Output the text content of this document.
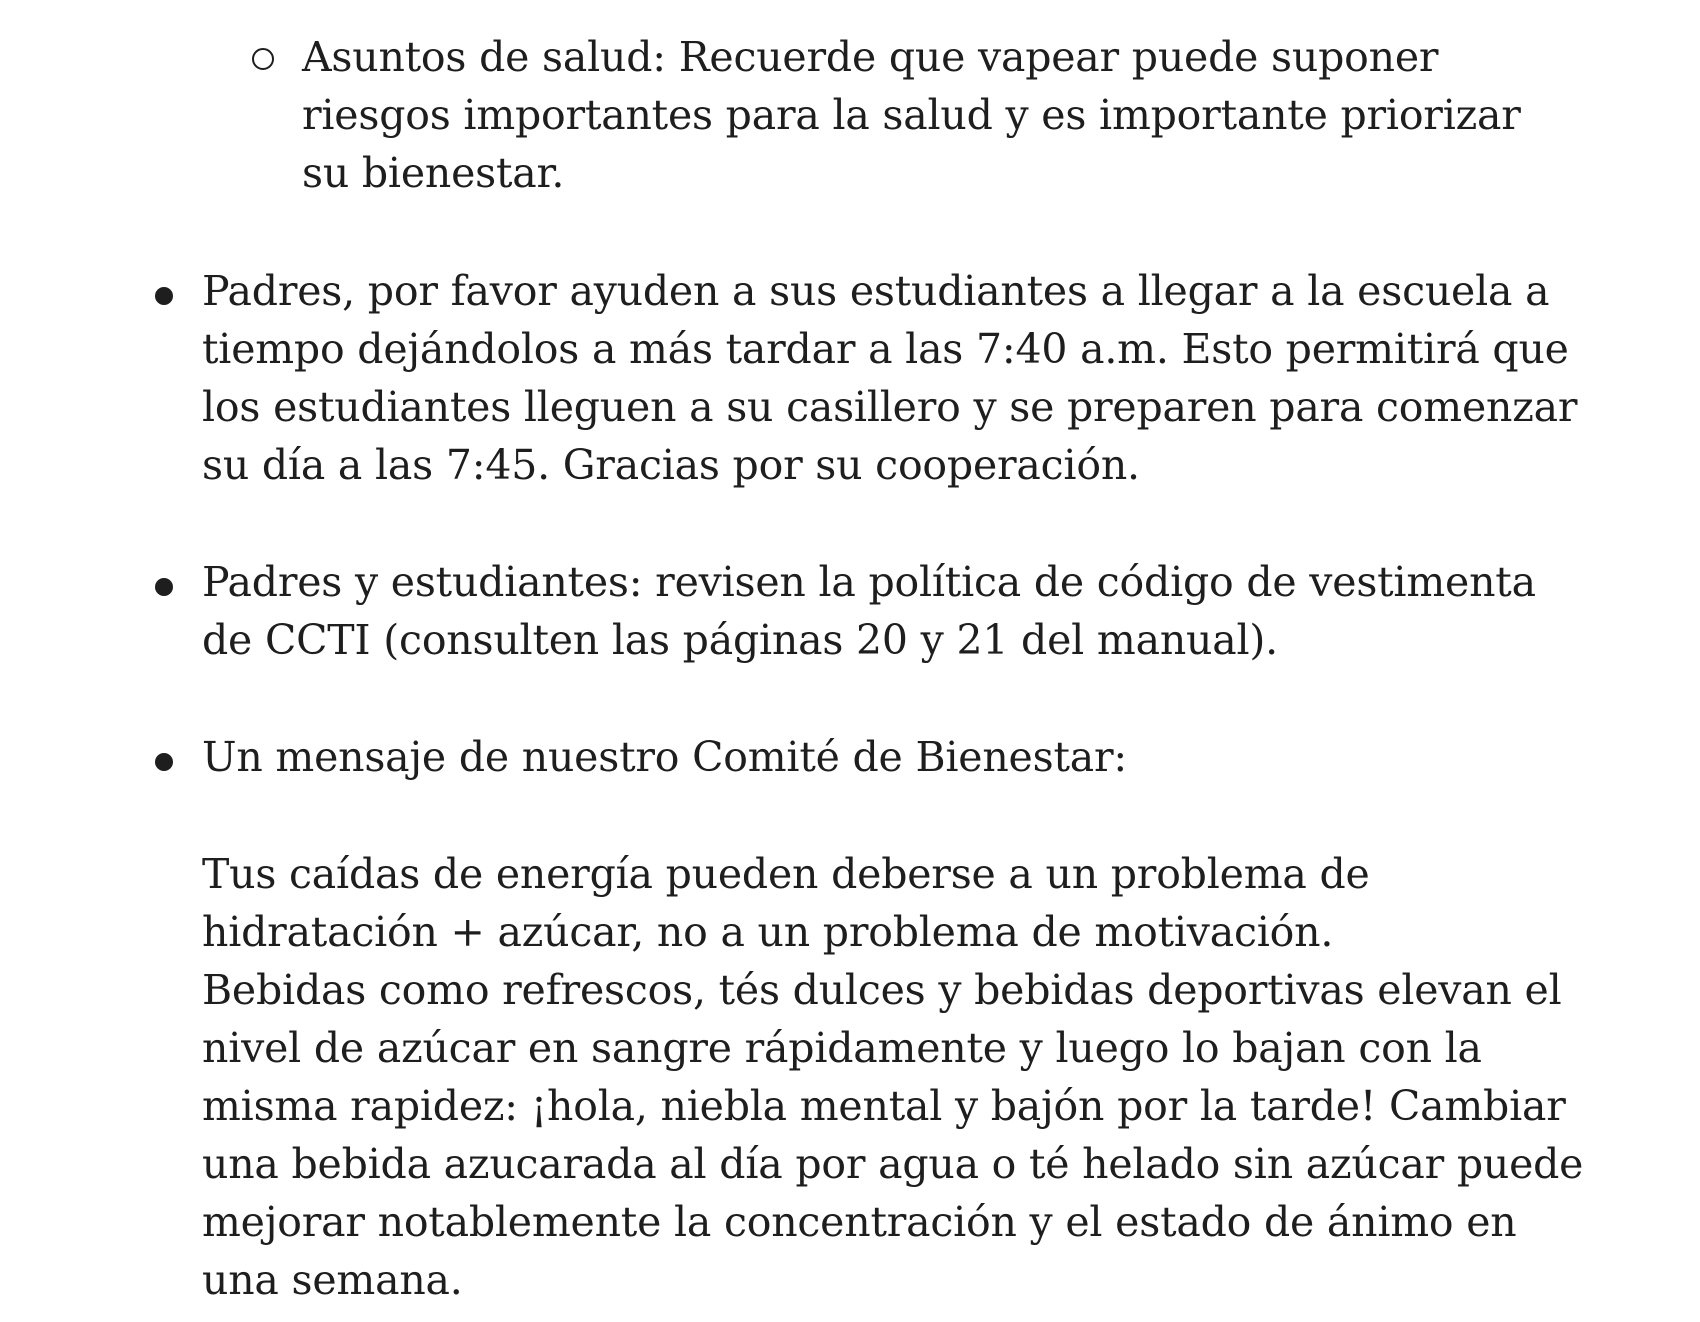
Asuntos de salud: Recuerde que vapear puede suponer
riesgos importantes para la salud y es importante priorizar
su bienestar.
Padres, por favor ayuden a sus estudiantes a llegar a la escuela a
tiempo dejándolos a más tardar a las 7:40 a.m. Esto permitirá que
los estudiantes lleguen a su casillero y se preparen para comenzar
su día a las 7:45. Gracias por su cooperación.
Padres y estudiantes: revisen la política de código de vestimenta
de CCTI (consulten las páginas 20 y 21 del manual).
Un mensaje de nuestro Comité de Bienestar:
Tus caídas de energía pueden deberse a un problema de
hidratación + azúcar, no a un problema de motivación.
Bebidas como refrescos, tés dulces y bebidas deportivas elevan el
nivel de azúcar en sangre rápidamente y luego lo bajan con la
misma rapidez: ¡hola, niebla mental y bajón por la tarde! Cambiar
una bebida azucarada al día por agua o té helado sin azúcar puede
mejorar notablemente la concentración y el estado de ánimo en
una semana.
